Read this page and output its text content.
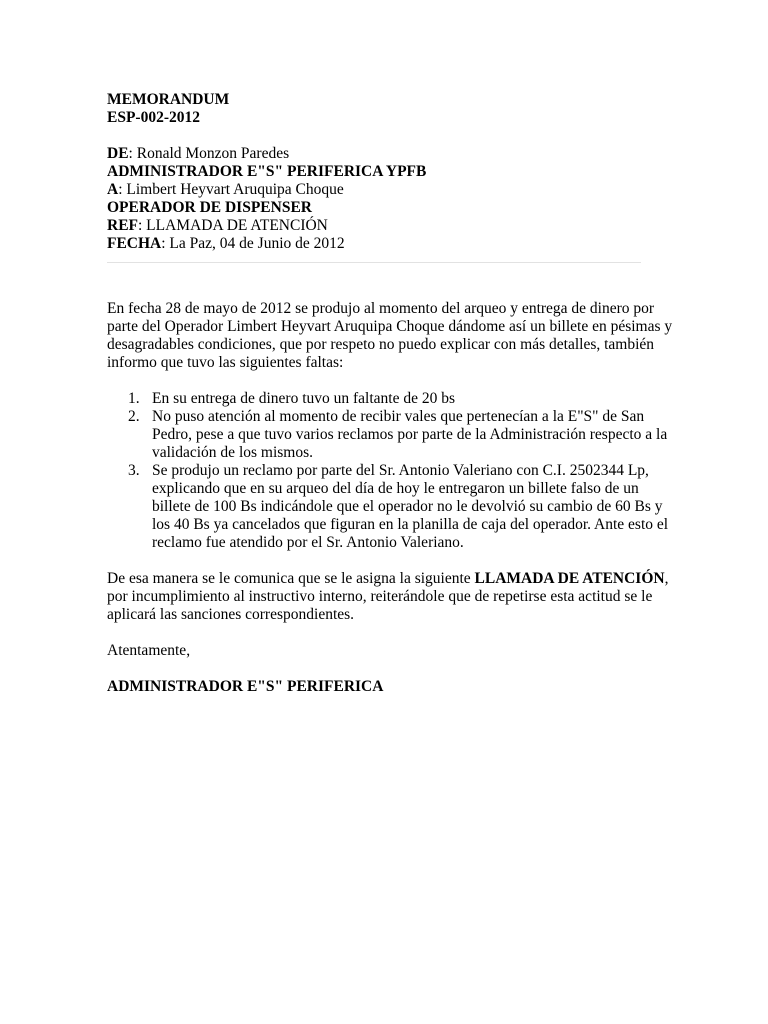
MEMORANDUM

ESP-002-2012

DE: Ronald Monzon Paredes

ADMINISTRADOR E"S" PERIFERICA YPFB

A: Limbert Heyvart Aruquipa Choque

OPERADOR DE DISPENSER

REF: LLAMADA DE ATENCIÓN

FECHA: La Paz, 04 de Junio de 2012

En fecha 28 de mayo de 2012 se produjo al momento del arqueo y entrega de dinero por

parte del Operador Limbert Heyvart Aruquipa Choque dándome así un billete en pésimas y

desagradables condiciones, que por respeto no puedo explicar con más detalles, también

informo que tuvo las siguientes faltas:

1. En su entrega de dinero tuvo un faltante de 20 bs

2. No puso atención al momento de recibir vales que pertenecían a la E"S" de San

Pedro, pese a que tuvo varios reclamos por parte de la Administración respecto a la

validación de los mismos.

3. Se produjo un reclamo por parte del Sr. Antonio Valeriano con C.I. 2502344 Lp,

explicando que en su arqueo del día de hoy le entregaron un billete falso de un

billete de 100 Bs indicándole que el operador no le devolvió su cambio de 60 Bs y

los 40 Bs ya cancelados que figuran en la planilla de caja del operador. Ante esto el

reclamo fue atendido por el Sr. Antonio Valeriano.

De esa manera se le comunica que se le asigna la siguiente LLAMADA DE ATENCIÓN,

por incumplimiento al instructivo interno, reiterándole que de repetirse esta actitud se le

aplicará las sanciones correspondientes.

Atentamente,

ADMINISTRADOR E"S" PERIFERICA
